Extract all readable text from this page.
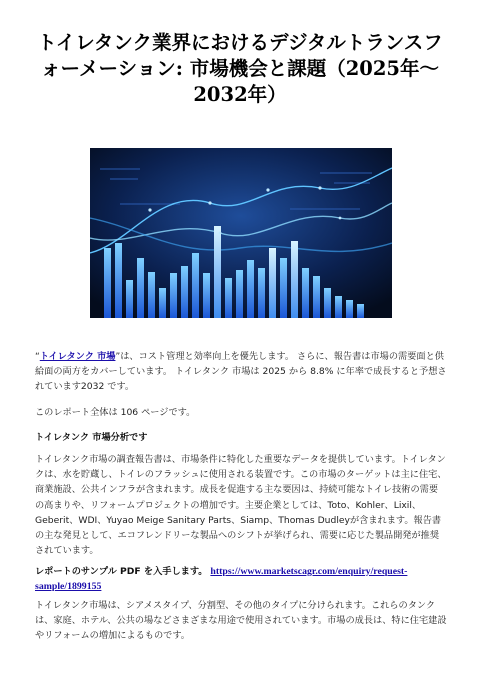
トイレタンク業界におけるデジタルトランスフォーメーション: 市場機会と課題（2025年〜2032年）

“トイレタンク 市場”は、コスト管理と効率向上を優先します。 さらに、報告書は市場の需要面と供給面の両方をカバーしています。 トイレタンク 市場は 2025 から 8.8% に年率で成長すると予想されています2032 です。

このレポート全体は 106 ページです。

トイレタンク 市場分析です

トイレタンク市場の調査報告書は、市場条件に特化した重要なデータを提供しています。トイレタンクは、水を貯蔵し、トイレのフラッシュに使用される装置です。この市場のターゲットは主に住宅、商業施設、公共インフラが含まれます。成長を促進する主な要因は、持続可能なトイレ技術の需要の高まりや、リフォームプロジェクトの増加です。主要企業としては、Toto、Kohler、Lixil、Geberit、WDI、Yuyao Meige Sanitary Parts、Siamp、Thomas Dudleyが含まれます。報告書の主な発見として、エコフレンドリーな製品へのシフトが挙げられ、需要に応じた製品開発が推奨されています。

レポートのサンプル PDF を入手します。 https://www.marketscagr.com/enquiry/request-sample/1899155

トイレタンク市場は、シアメスタイプ、分割型、その他のタイプに分けられます。これらのタンクは、家庭、ホテル、公共の場などさまざまな用途で使用されています。市場の成長は、特に住宅建設やリフォームの増加によるものです。
